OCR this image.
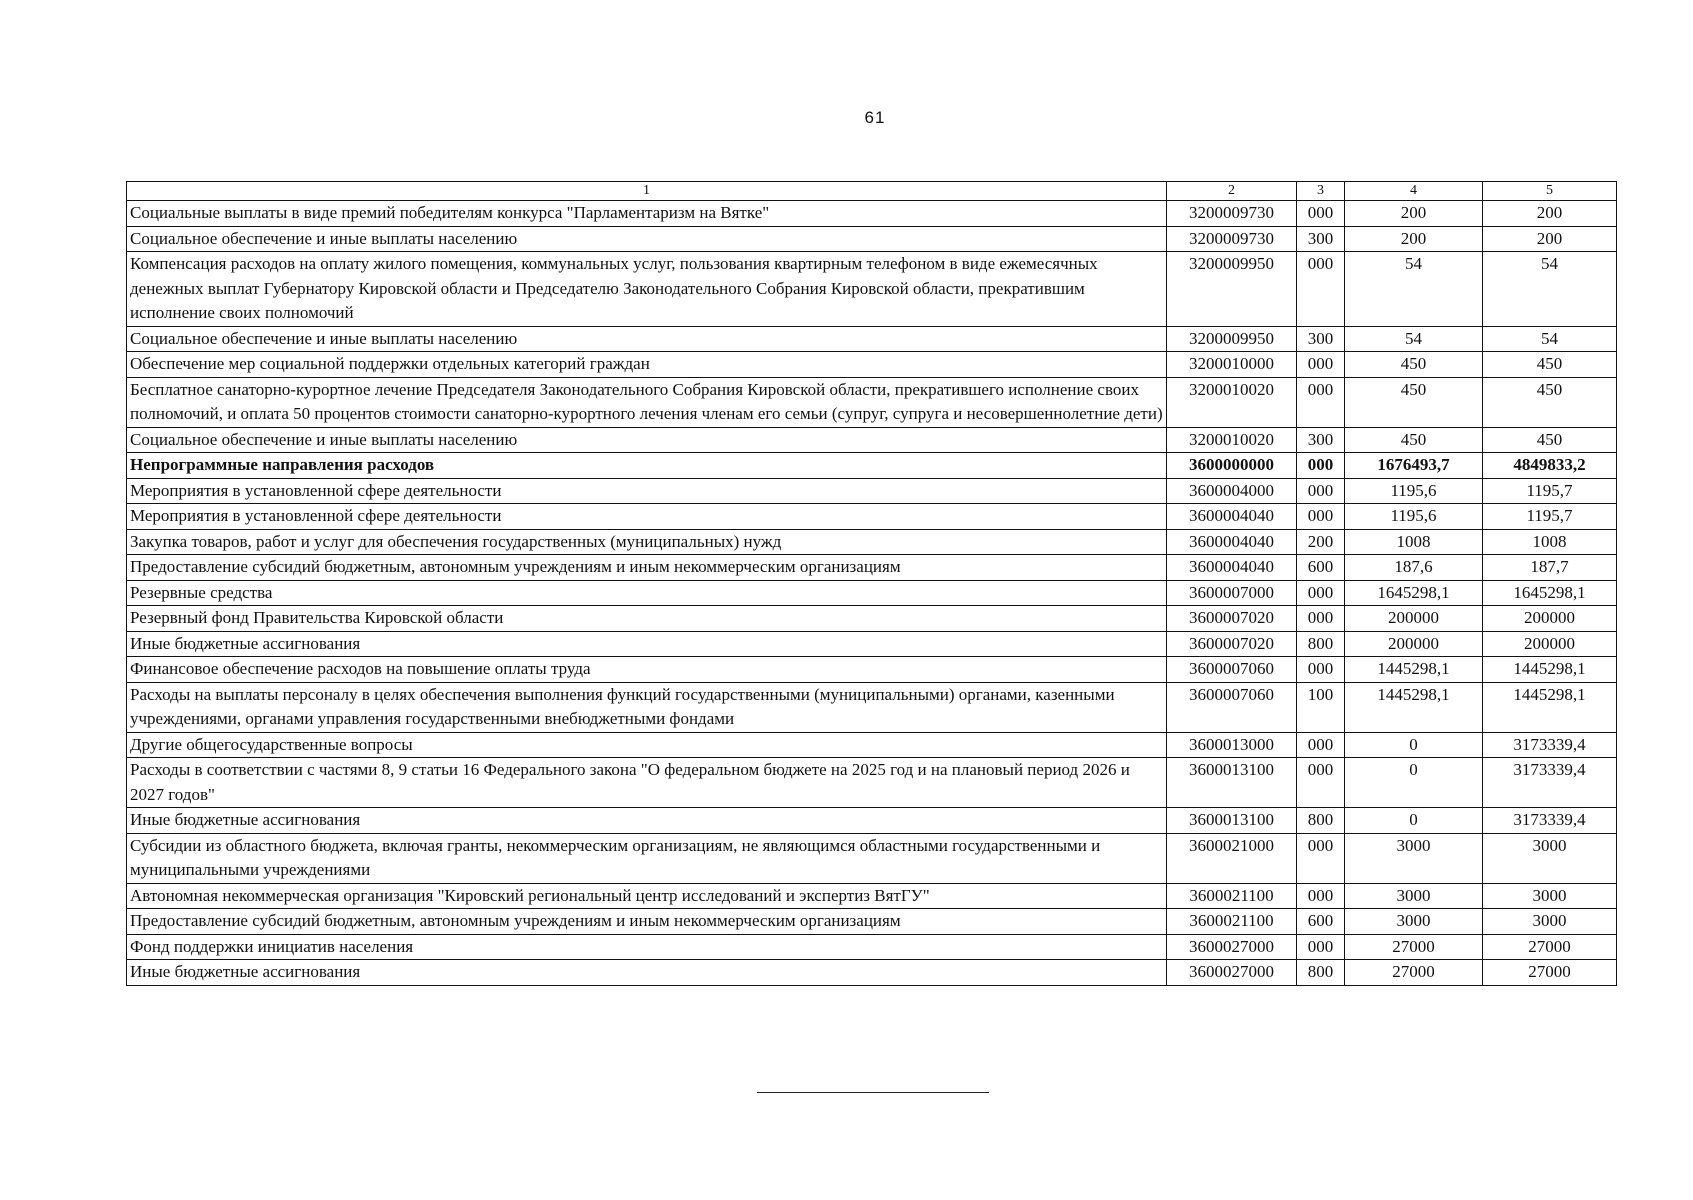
61
1	2	3	4	5
Социальные выплаты в виде премий победителям конкурса "Парламентаризм на Вятке"	3200009730	000	200	200
Социальное обеспечение и иные выплаты населению	3200009730	300	200	200
Компенсация расходов на оплату жилого помещения, коммунальных услуг, пользования квартирным телефоном в виде ежемесячных денежных выплат Губернатору Кировской области и Председателю Законодательного Собрания Кировской области, прекратившим исполнение своих полномочий	3200009950	000	54	54
Социальное обеспечение и иные выплаты населению	3200009950	300	54	54
Обеспечение мер социальной поддержки отдельных категорий граждан	3200010000	000	450	450
Бесплатное санаторно-курортное лечение Председателя Законодательного Собрания Кировской области, прекратившего исполнение своих полномочий, и оплата 50 процентов стоимости санаторно-курортного лечения членам его семьи (супруг, супруга и несовершеннолетние дети)	3200010020	000	450	450
Социальное обеспечение и иные выплаты населению	3200010020	300	450	450
Непрограммные направления расходов	3600000000	000	1676493,7	4849833,2
Мероприятия в установленной сфере деятельности	3600004000	000	1195,6	1195,7
Мероприятия в установленной сфере деятельности	3600004040	000	1195,6	1195,7
Закупка товаров, работ и услуг для обеспечения государственных (муниципальных) нужд	3600004040	200	1008	1008
Предоставление субсидий бюджетным, автономным учреждениям и иным некоммерческим организациям	3600004040	600	187,6	187,7
Резервные средства	3600007000	000	1645298,1	1645298,1
Резервный фонд Правительства Кировской области	3600007020	000	200000	200000
Иные бюджетные ассигнования	3600007020	800	200000	200000
Финансовое обеспечение расходов на повышение оплаты труда	3600007060	000	1445298,1	1445298,1
Расходы на выплаты персоналу в целях обеспечения выполнения функций государственными (муниципальными) органами, казенными учреждениями, органами управления государственными внебюджетными фондами	3600007060	100	1445298,1	1445298,1
Другие общегосударственные вопросы	3600013000	000	0	3173339,4
Расходы в соответствии с частями 8, 9 статьи 16 Федерального закона "О федеральном бюджете на 2025 год и на плановый период 2026 и 2027 годов"	3600013100	000	0	3173339,4
Иные бюджетные ассигнования	3600013100	800	0	3173339,4
Субсидии из областного бюджета, включая гранты, некоммерческим организациям, не являющимся областными государственными и муниципальными учреждениями	3600021000	000	3000	3000
Автономная некоммерческая организация "Кировский региональный центр исследований и экспертиз ВятГУ"	3600021100	000	3000	3000
Предоставление субсидий бюджетным, автономным учреждениям и иным некоммерческим организациям	3600021100	600	3000	3000
Фонд поддержки инициатив населения	3600027000	000	27000	27000
Иные бюджетные ассигнования	3600027000	800	27000	27000
